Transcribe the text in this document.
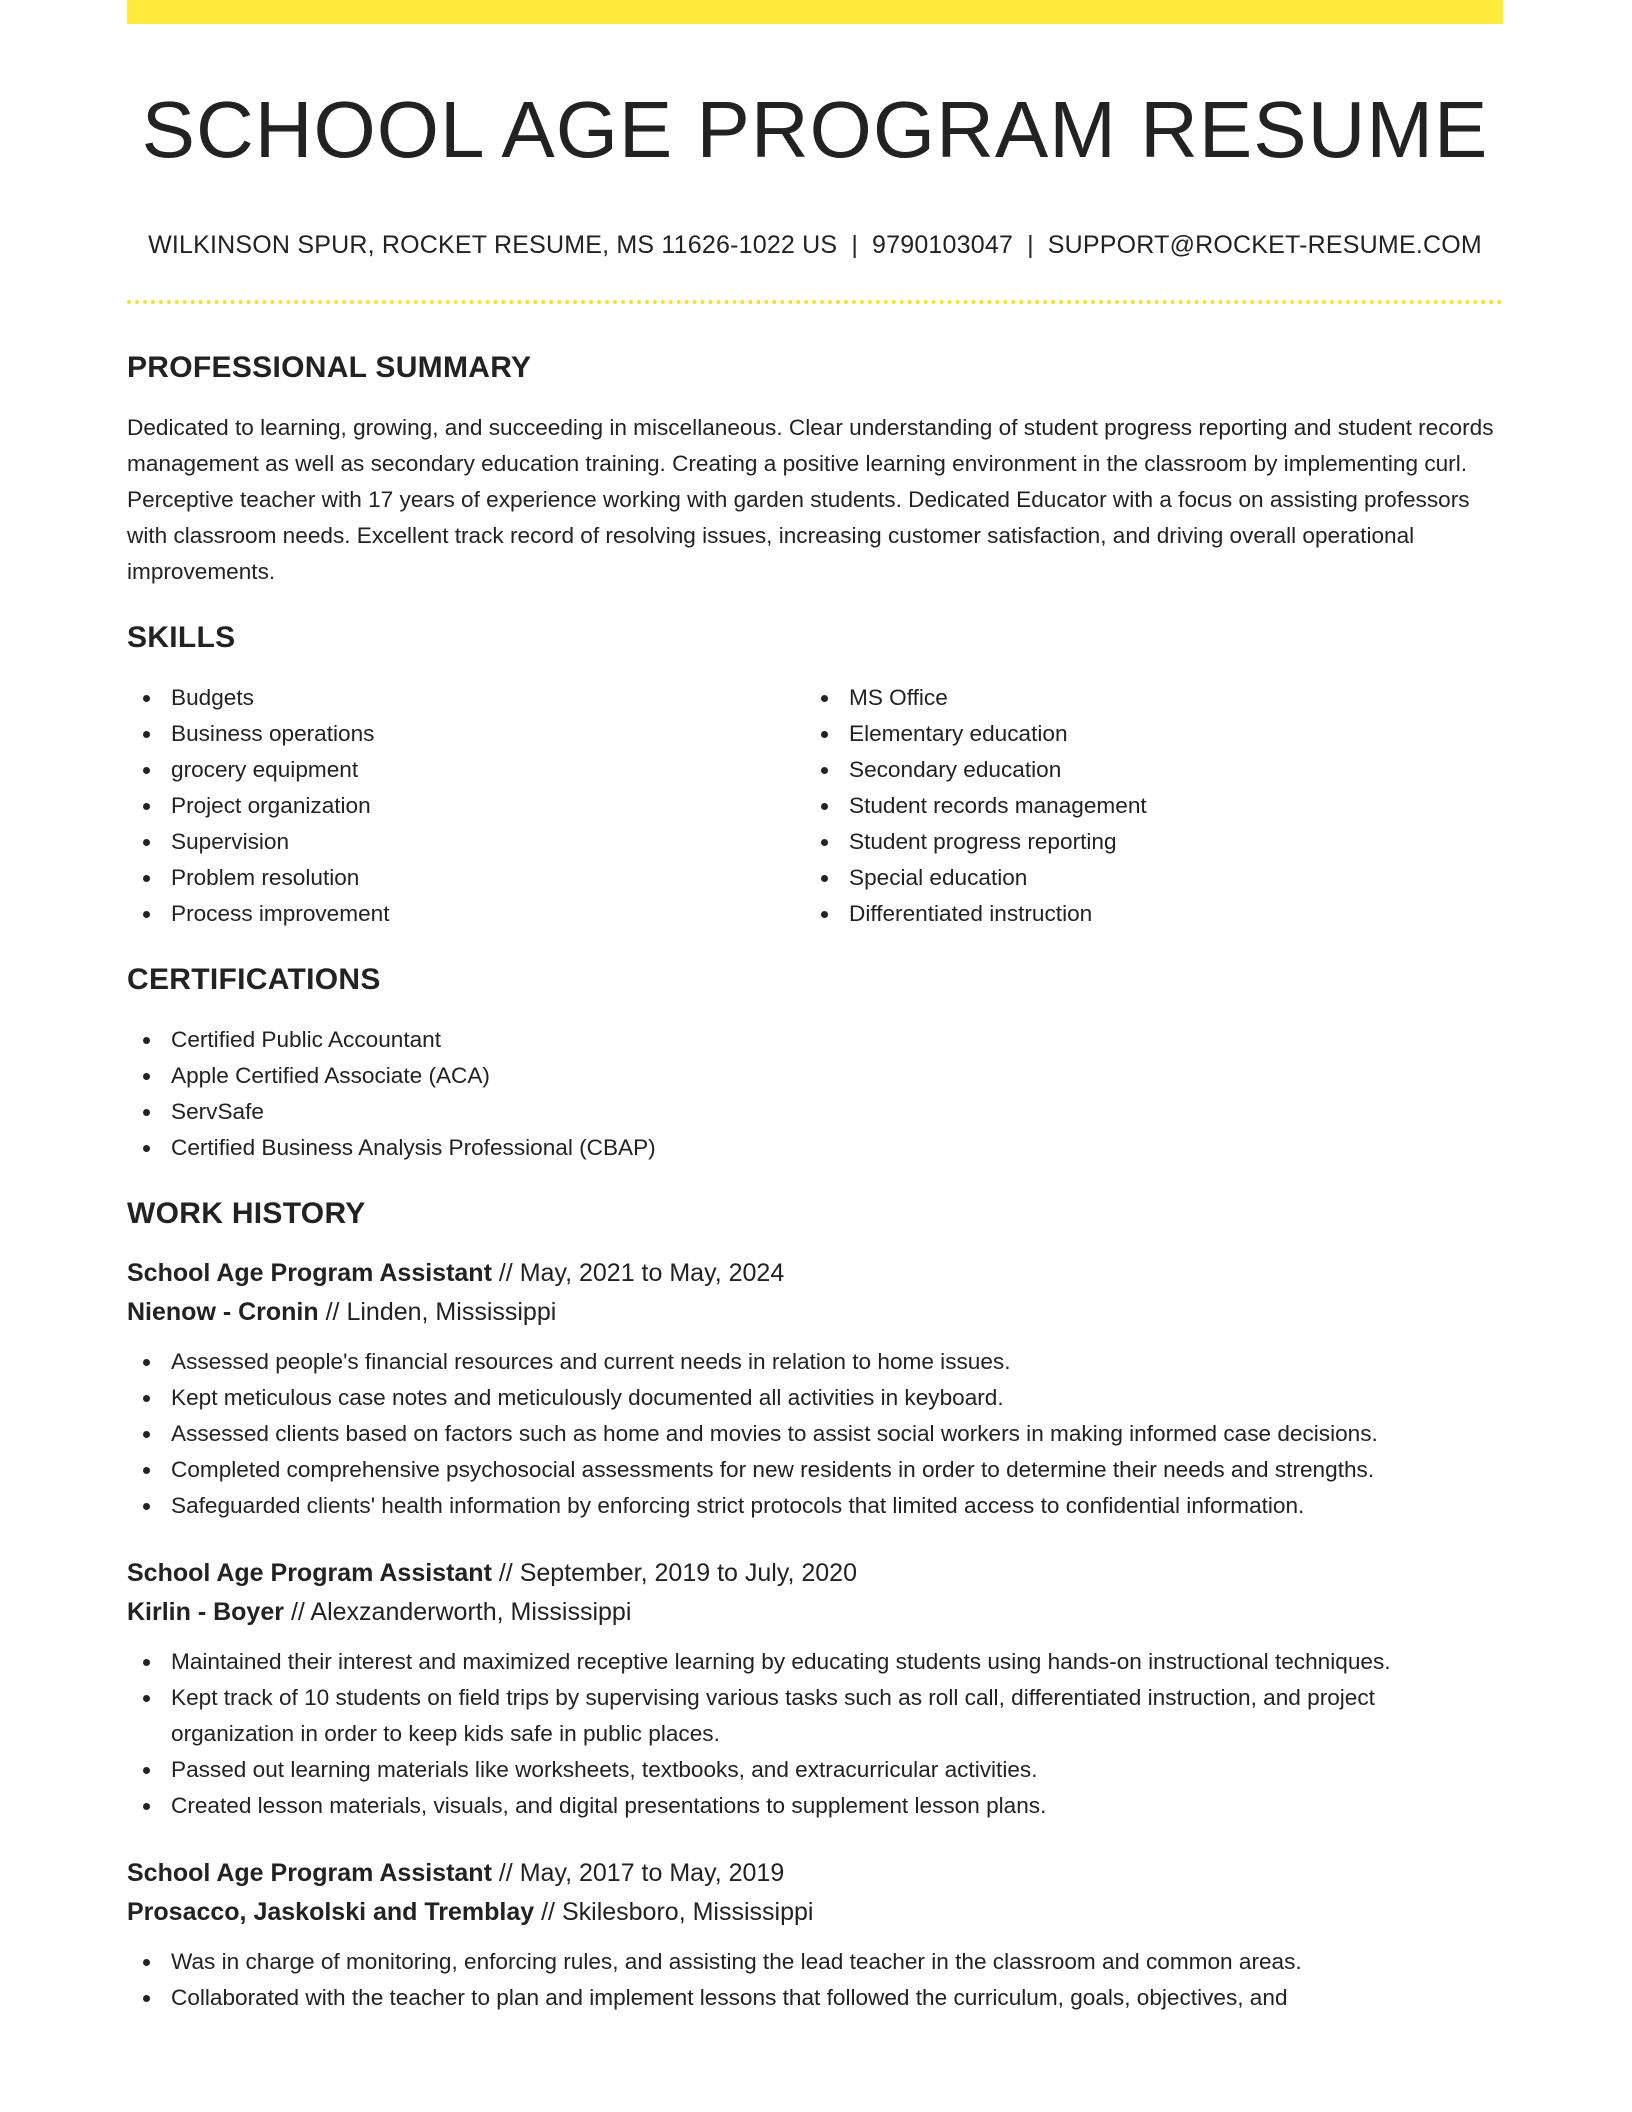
SCHOOL AGE PROGRAM RESUME
WILKINSON SPUR, ROCKET RESUME, MS 11626-1022 US | 9790103047 | SUPPORT@ROCKET-RESUME.COM
PROFESSIONAL SUMMARY

Dedicated to learning, growing, and succeeding in miscellaneous. Clear understanding of student progress reporting and student records management as well as secondary education training. Creating a positive learning environment in the classroom by implementing curl. Perceptive teacher with 17 years of experience working with garden students. Dedicated Educator with a focus on assisting professors with classroom needs. Excellent track record of resolving issues, increasing customer satisfaction, and driving overall operational improvements.

SKILLS
Budgets
Business operations
grocery equipment
Project organization
Supervision
Problem resolution
Process improvement
MS Office
Elementary education
Secondary education
Student records management
Student progress reporting
Special education
Differentiated instruction
CERTIFICATIONS
Certified Public Accountant
Apple Certified Associate (ACA)
ServSafe
Certified Business Analysis Professional (CBAP)
WORK HISTORY
School Age Program Assistant // May, 2021 to May, 2024
Nienow - Cronin // Linden, Mississippi
Assessed people's financial resources and current needs in relation to home issues.
Kept meticulous case notes and meticulously documented all activities in keyboard.
Assessed clients based on factors such as home and movies to assist social workers in making informed case decisions.
Completed comprehensive psychosocial assessments for new residents in order to determine their needs and strengths.
Safeguarded clients' health information by enforcing strict protocols that limited access to confidential information.
School Age Program Assistant // September, 2019 to July, 2020
Kirlin - Boyer // Alexzanderworth, Mississippi
Maintained their interest and maximized receptive learning by educating students using hands-on instructional techniques.
Kept track of 10 students on field trips by supervising various tasks such as roll call, differentiated instruction, and project organization in order to keep kids safe in public places.
Passed out learning materials like worksheets, textbooks, and extracurricular activities.
Created lesson materials, visuals, and digital presentations to supplement lesson plans.
School Age Program Assistant // May, 2017 to May, 2019
Prosacco, Jaskolski and Tremblay // Skilesboro, Mississippi
Was in charge of monitoring, enforcing rules, and assisting the lead teacher in the classroom and common areas.
Collaborated with the teacher to plan and implement lessons that followed the curriculum, goals, objectives, and
